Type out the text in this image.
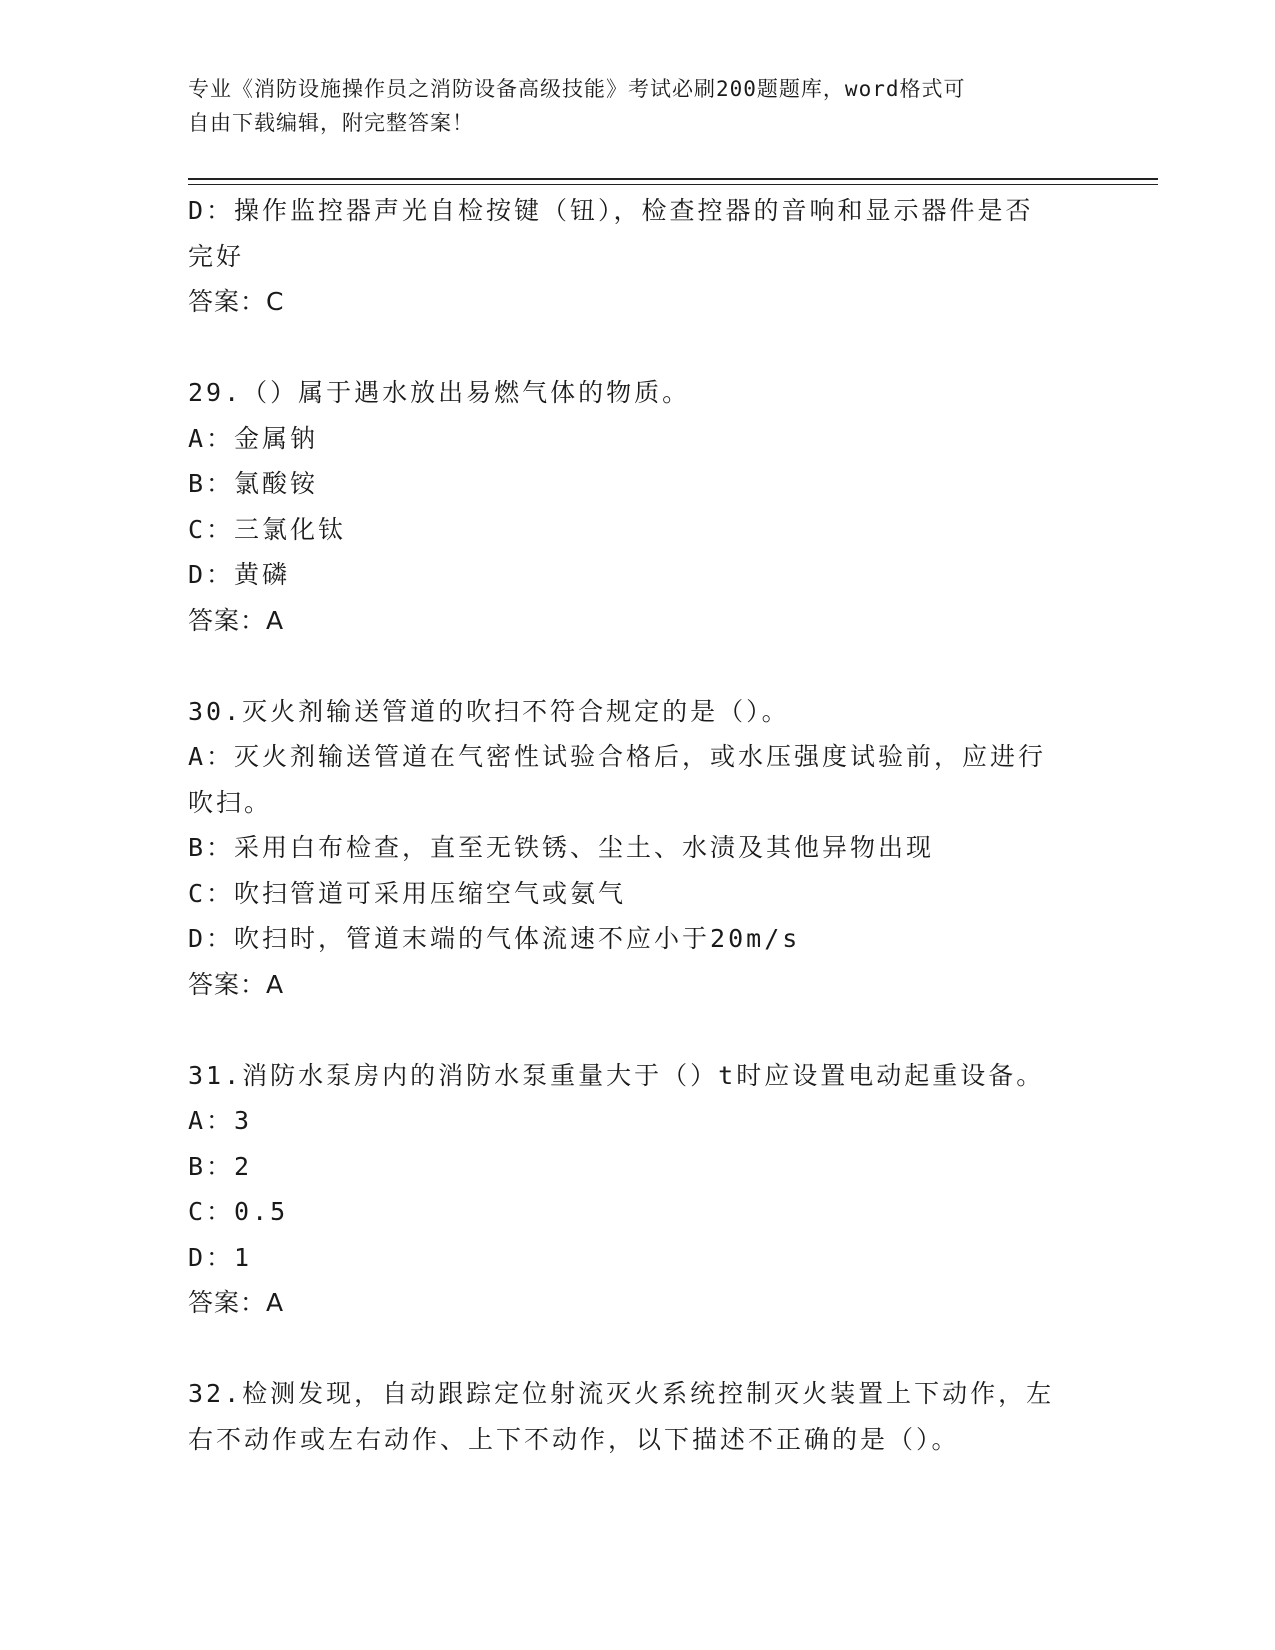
专业《消防设施操作员之消防设备高级技能》考试必刷200题题库，word格式可
自由下载编辑，附完整答案！

D：操作监控器声光自检按键（钮），检查控器的音响和显示器件是否

完好

答案：C

29.（）属于遇水放出易燃气体的物质。

A：金属钠

B：氯酸铵

C：三氯化钛

D：黄磷

答案：A

30.灭火剂输送管道的吹扫不符合规定的是（）。

A：灭火剂输送管道在气密性试验合格后，或水压强度试验前，应进行

吹扫。

B：采用白布检查，直至无铁锈、尘土、水渍及其他异物出现

C：吹扫管道可采用压缩空气或氨气

D：吹扫时，管道末端的气体流速不应小于20m/s

答案：A

31.消防水泵房内的消防水泵重量大于（）t时应设置电动起重设备。

A：3

B：2

C：0.5

D：1

答案：A

32.检测发现，自动跟踪定位射流灭火系统控制灭火装置上下动作，左

右不动作或左右动作、上下不动作，以下描述不正确的是（）。
